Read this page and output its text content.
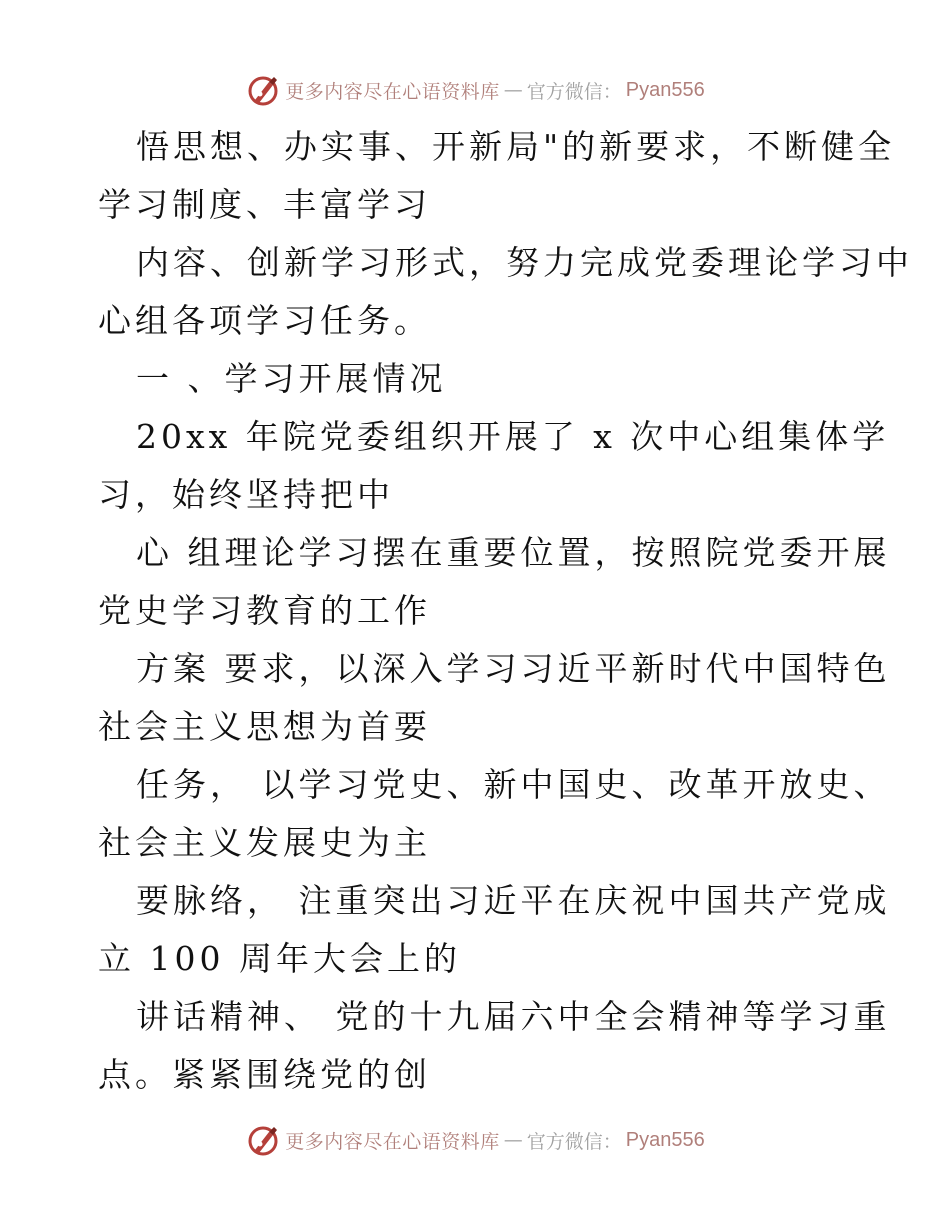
更多内容尽在心语资料库 — 官方微信： Pyan556
悟思想、办实事、开新局"的新要求，不断健全
学习制度、丰富学习
内容、创新学习形式，努力完成党委理论学习中
心组各项学习任务。
一 、学习开展情况
20xx 年院党委组织开展了 x 次中心组集体学
习，始终坚持把中
心 组理论学习摆在重要位置，按照院党委开展
党史学习教育的工作
方案 要求，以深入学习习近平新时代中国特色
社会主义思想为首要
任务， 以学习党史、新中国史、改革开放史、
社会主义发展史为主
要脉络， 注重突出习近平在庆祝中国共产党成
立 100 周年大会上的
讲话精神、 党的十九届六中全会精神等学习重
点。紧紧围绕党的创
更多内容尽在心语资料库 — 官方微信： Pyan556
